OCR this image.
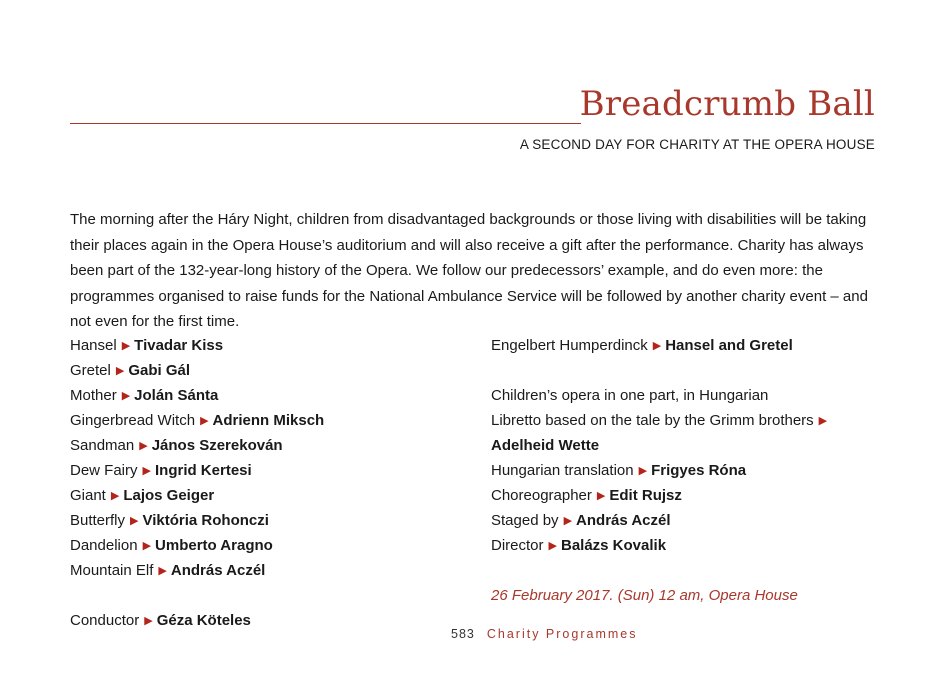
Breadcrumb Ball
A SECOND DAY FOR CHARITY AT THE OPERA HOUSE

The morning after the Háry Night, children from disadvantaged backgrounds or those living with disabilities will be taking their places again in the Opera House’s auditorium and will also receive a gift after the performance. Charity has always been part of the 132-year-long history of the Opera. We follow our predecessors’ example, and do even more: the programmes organised to raise funds for the National Ambulance Service will be followed by another charity event – and not even for the first time.

Hansel ▶ Tivadar Kiss
Gretel ▶ Gabi Gál
Mother ▶ Jolán Sánta
Gingerbread Witch ▶ Adrienn Miksch
Sandman ▶ János Szerekován
Dew Fairy ▶ Ingrid Kertesi
Giant ▶ Lajos Geiger
Butterfly ▶ Viktória Rohonczi
Dandelion ▶ Umberto Aragno
Mountain Elf ▶ András Aczél
Conductor ▶ Géza Köteles
Engelbert Humperdinck ▶ Hansel and Gretel
Children’s opera in one part, in Hungarian
Libretto based on the tale by the Grimm brothers ▶
Adelheid Wette
Hungarian translation ▶ Frigyes Róna
Choreographer ▶ Edit Rujsz
Staged by ▶ András Aczél
Director ▶ Balázs Kovalik
26 February 2017. (Sun) 12 am, Opera House
583 Charity Programmes
